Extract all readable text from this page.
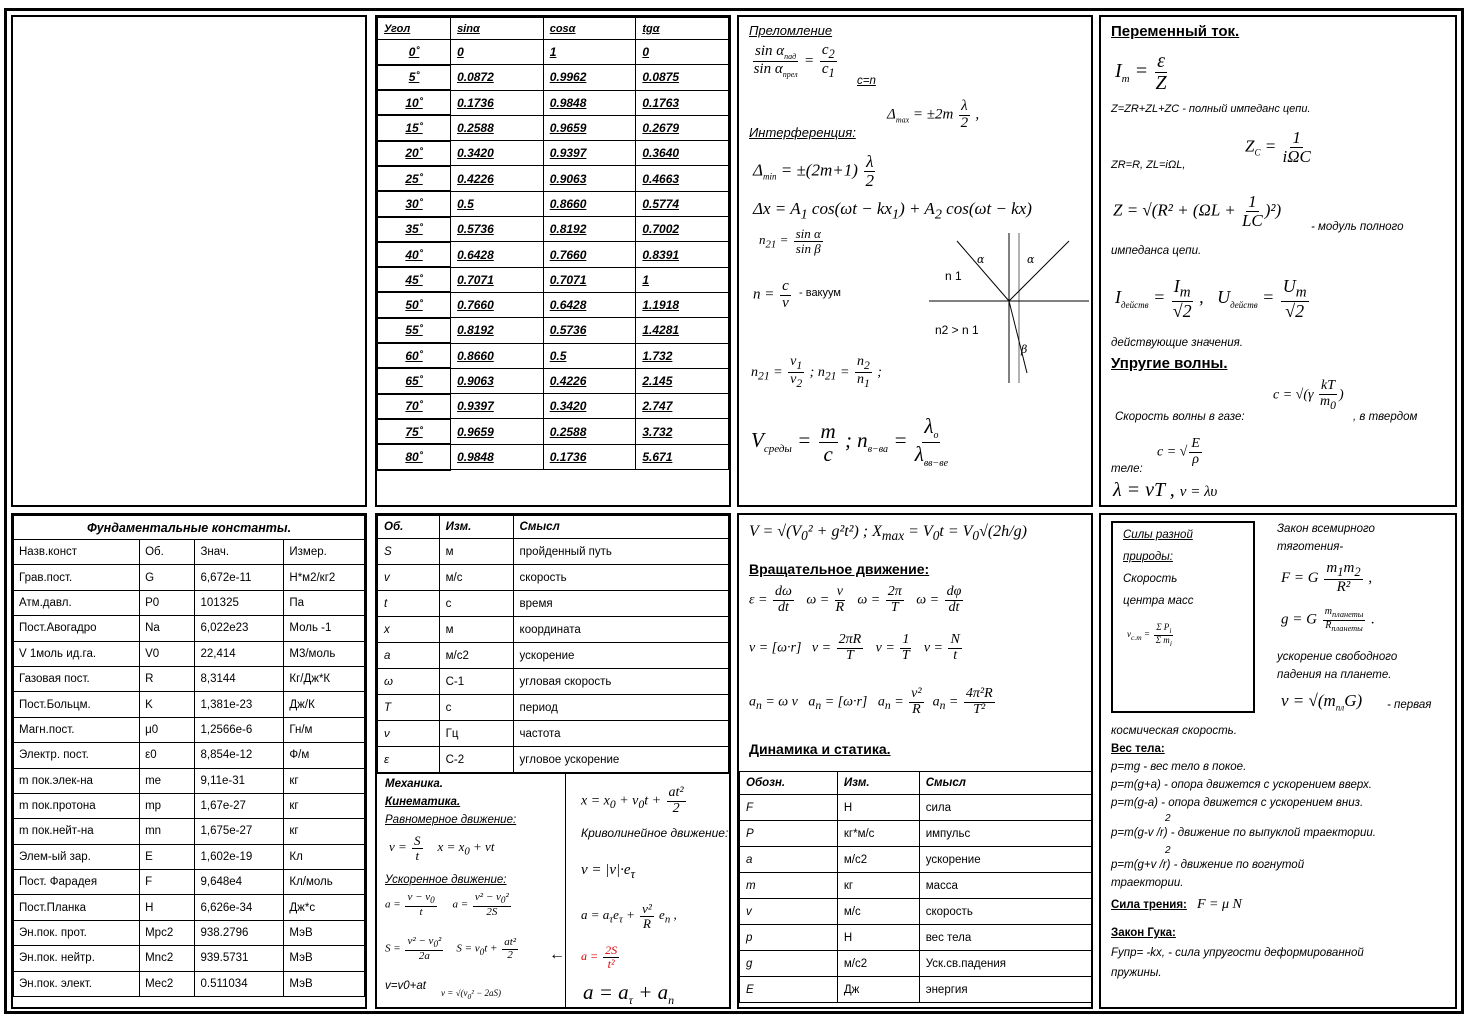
Угол	sinα	cosα	tgα
0˚	0	1	0
5˚	0.0872	0.9962	0.0875
10˚	0.1736	0.9848	0.1763
15˚	0.2588	0.9659	0.2679
20˚	0.3420	0.9397	0.3640
25˚	0.4226	0.9063	0.4663
30˚	0.5	0.8660	0.5774
35˚	0.5736	0.8192	0.7002
40˚	0.6428	0.7660	0.8391
45˚	0.7071	0.7071	1
50˚	0.7660	0.6428	1.1918
55˚	0.8192	0.5736	1.4281
60˚	0.8660	0.5	1.732
65˚	0.9063	0.4226	2.145
70˚	0.9397	0.3420	2.747
75˚	0.9659	0.2588	3.732
80˚	0.9848	0.1736	5.671
Преломление
$\frac{\sin \alpha_{пад}}{\sin \alpha_{прел}} = \frac{c_2}{c_1}$
c=n
Интерференция:
$\Delta_{max} = \pm 2m \frac{\lambda}{2}$ ,
$\Delta_{min} = \pm(2m+1) \frac{\lambda}{2}$
$\Delta x = A_1$ $\cos(\omega t - kx_1) + A_2$ cos(ωt − kx)
$n_{21} = \frac{\text{sin α}}{\text{sin β}}$
$n = \frac{c}{v}$ - вакуум
α	α
β
n 1
n2 > n 1
$n_{21} = \frac{v_1}{v_2}$ ; $n_{21} = \frac{n_2}{n_1}$ ;
$V_{среды} = \frac{m}{c}$ ; $n_{в-ва} = \frac{\lambda_o}{\lambda_{вв-ве}}$
Переменный ток.
$I_m = \frac{\varepsilon}{Z}$
Z=ZR+ZL+ZC - полный импеданс цепи.
$Z_C = \frac{1}{\text{iΩC}}$
ZR=R, ZL=iΩL,
$Z = √(R^2 + (\Omega L + \frac{1}{LC} )^2)$
- модуль полного
импеданса цепи.
$I_{действ} = \frac{I_m}{√2}$ ,   $U_{действ} = \frac{U_m}{√2}$
действующие значения.
Упругие волны.
$c = √(\gamma \frac{kT}{m_0}$ )
Скорость волны в газе:	, в твердом
c = √ $\frac{E}{\rho}$
теле:
λ = vT , v = λυ
Фундаментальные константы.			
Назв.конст	Об.	Знач.	Измер.
Грав.пост.	G	6,672e-11	Н*м2/кг2
Атм.давл.	P0	101325	Па
Пост.Авогадро	Na	6,022e23	Моль -1
V 1моль ид.га.	V0	22,414	М3/моль
Газовая пост.	R	8,3144	Кг/Дж*К
Пост.Больцм.	K	1,381e-23	Дж/К
Магн.пост.	μ0	1,2566e-6	Гн/м
Электр. пост.	ε0	8,854e-12	Ф/м
m пок.элек-на	me	9,11e-31	кг
m пок.протона	mp	1,67e-27	кг
m пок.нейт-на	mn	1,675e-27	кг
Элем-ый зар.	E	1,602e-19	Кл
Пост. Фарадея	F	9,648e4	Кл/моль
Пост.Планка	H	6,626e-34	Дж*с
Эн.пок. прот.	Mpc2	938.2796	МэВ
Эн.пок. нейтр.	Mnc2	939.5731	МэВ
Эн.пок. элект.	Mec2	0.511034	МэВ
Об.	Изм.	Смысл
S	м	пройденный путь
v	м/с	скорость
t	с	время
x	м	координата
a	м/с2	ускорение
ω	С-1	угловая скорость
T	с	период
ν	Гц	частота
ε	С-2	угловое ускорение
Механика.
Кинематика.
Равномерное движение:
$v = \frac{S}{t}$ $x = x_0$ + vt
Ускоренное движение:
$a = \frac{v - v_0}{t}$ $a = \frac{v^2 - v_0^2}{2S}$
$S = \frac{v^2 - v_0^2}{2a}$ $S = v_0t + \frac{\text{at²}}{2}$
v=v0+at
$v = √(v_0^2 - 2aS)$
$x = x_0 + v_0t + \frac{\text{at²}}{2}$
Криволинейное движение:
$v = |v|\cdot e_\tau$
$a = a_\tau e_\tau + \frac{\text{v²}}{R} e_n$ ,
$a = \frac{2S}{\text{t²}}$
←
$a = a_\tau + a_n$
$V = √(V_0^2 + g^2t^2)$ ; $X_{max} = V_0t = V_0√(2h/g)$
Вращательное движение:
$\varepsilon = \frac{d\omega}{dt}$ $\omega = \frac{v}{R}$ $\omega = \frac{2\pi}{T}$ $\omega = \frac{d\varphi}{dt}$
v = [ω·r]   $v = \frac{2\pi R}{T}$ $\nu = \frac{1}{T}$ $\nu = \frac{N}{t}$
$a_n = \omega$ v   $a_n = [\omega\cdot r] a_n = \frac{\text{v²}}{R} a_n = \frac{\text{4π²R}}{\text{T²}}$
Динамика и статика.
Обозн.	Изм.	Смысл
F	Н	сила
P	кг*м/с	импульс
a	м/с2	ускорение
m	кг	масса
v	м/с	скорость
p	Н	вес тела
g	м/с2	Уск.св.падения
E	Дж	энергия
Силы разной
природы:
Скорость
центра масс
$v_{c.m} = \frac{\Sigma P_i}{\Sigma m_i}$
Закон всемирного
тяготения-
F = G $\frac{m_1m_2}{\text{R²}}$ ,
g = G $\frac{m_{планеты}}{R_{планеты}}$ .
ускорение свободного
падения на планете.
$v = √(m_{пл}G)$ - первая
космическая скорость.
Вес тела:
p=mg - вес тело в покое.
p=m(g+a) - опора движется с ускорением вверх.
p=m(g-a) - опора движется с ускорением вниз.
2
p=m(g-v /r) - движение по выпуклой траектории.
2
p=m(g+v /r) - движение по вогнутой
траектории.
Сила трения: F = μ N
Закон Гука:
Fупр= -kx, - сила упругости деформированной
пружины.
